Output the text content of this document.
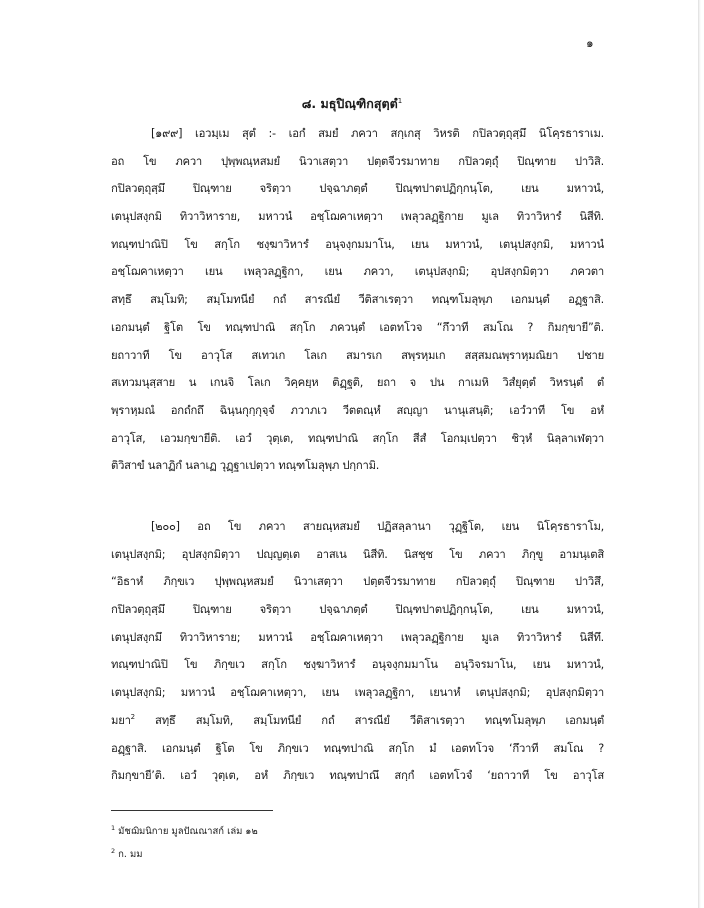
๑
๘. มธุปิณฺฑิกสุตฺตํ$^1$
[๑๙๙] เอวมฺเม สุตํ :- เอกํ สมยํ ภควา สกฺเกสุ วิหรติ กปิลวตฺถุสฺมึ นิโคฺรธาราเม.
อถ โข ภควา ปุพฺพณฺหสมยํ นิวาเสตฺวา ปตฺตจีวรมาทาย กปิลวตฺถุํ ปิณฺฑาย ปาวิสิ.
กปิลวตฺถุสฺมึ ปิณฺฑาย จริตฺวา ปจฺฉาภตฺตํ ปิณฺฑปาตปฏิกฺกนฺโต, เยน มหาวนํ,
เตนุปสงฺกมิ ทิวาวิหาราย, มหาวนํ อชฺโฌคาเหตฺวา เพลุวลฏฺฐิกาย มูเล ทิวาวิหารํ นิสีทิ.
ทณฺฑปาณิปิ โข สกฺโก ชงฺฆาวิหารํ อนุจงฺกมมาโน, เยน มหาวนํ, เตนุปสงฺกมิ, มหาวนํ
อชฺโฌคาเหตฺวา เยน เพลุวลฏฺฐิกา, เยน ภควา, เตนุปสงฺกมิ; อุปสงฺกมิตฺวา ภควตา
สทฺธึ สมฺโมทิ; สมฺโมทนียํ กถํ สารณียํ วีติสาเรตฺวา ทณฺฑโมลุพฺภ เอกมนฺตํ อฏฺฐาสิ.
เอกมนฺตํ ฐิโต โข ทณฺฑปาณิ สกฺโก ภควนฺตํ เอตทโวจ “กึวาที สมโณ ? กิมกฺขายี”ติ.
ยถาวาที โข อาวุโส สเทวเก โลเก สมารเก สพฺรหฺมเก สสฺสมณพฺราหฺมณิยา ปชาย
สเทวมนุสฺสาย น เกนจิ โลเก วิคฺคยฺห ติฏฺฐติ, ยถา จ ปน กาเมหิ วิสํยุตฺตํ วิหรนฺตํ ตํ
พฺราหฺมณํ อกถํกถึ ฉินฺนกุกฺกุจฺจํ ภวาภเว วีตตณฺหํ สญฺญา นานุเสนฺติ; เอวํวาที โข อหํ
อาวุโส, เอวมกฺขายีติ. เอวํ วุตฺเต, ทณฺฑปาณิ สกฺโก สีสํ โอกมฺเปตฺวา ชิวฺหํ นิลฺลาเฬตฺวา
ติวิสาขํ นลาฏิกํ นลาเฏ วุฏฺฐาเปตฺวา ทณฺฑโมลุพฺภ ปกฺกามิ.
[๒๐๐] อถ โข ภควา สายณฺหสมยํ ปฏิสลฺลานา วุฏฺฐิโต, เยน นิโคฺรธาราโม,
เตนุปสงฺกมิ; อุปสงฺกมิตฺวา ปญฺญตฺเต อาสเน นิสีทิ. นิสชฺช โข ภควา ภิกฺขู อามนฺเตสิ
“อิธาหํ ภิกฺขเว ปุพฺพณฺหสมยํ นิวาเสตฺวา ปตฺตจีวรมาทาย กปิลวตฺถุํ ปิณฺฑาย ปาวิสึ,
กปิลวตฺถุสฺมึ ปิณฺฑาย จริตฺวา ปจฺฉาภตฺตํ ปิณฺฑปาตปฏิกฺกนฺโต, เยน มหาวนํ,
เตนุปสงฺกมึ ทิวาวิหาราย; มหาวนํ อชฺโฌคาเหตฺวา เพลุวลฏฺฐิกาย มูเล ทิวาวิหารํ นิสีทึ.
ทณฺฑปาณิปิ โข ภิกฺขเว สกฺโก ชงฺฆาวิหารํ อนุจงฺกมมาโน อนุวิจรมาโน, เยน มหาวนํ,
เตนุปสงฺกมิ; มหาวนํ อชฺโฌคาเหตฺวา, เยน เพลุวลฏฺฐิกา, เยนาหํ เตนุปสงฺกมิ; อุปสงฺกมิตฺวา
มยา$^2$ สทฺธึ สมฺโมทิ, สมฺโมทนียํ กถํ สารณียํ วีติสาเรตฺวา ทณฺฑโมลุพฺภ เอกมนฺตํ
อฏฺฐาสิ. เอกมนฺตํ ฐิโต โข ภิกฺขเว ทณฺฑปาณิ สกฺโก มํ เอตทโวจ ‘กึวาที สมโณ ?
กิมกฺขายี’ติ. เอวํ วุตฺเต, อหํ ภิกฺขเว ทณฺฑปาณึ สกฺกํ เอตทโวจํ ‘ยถาวาที โข อาวุโส
$^1$ มัชฌิมนิกาย มูลปัณณาสก์ เล่ม ๑๒
$^2$ ก. มม
